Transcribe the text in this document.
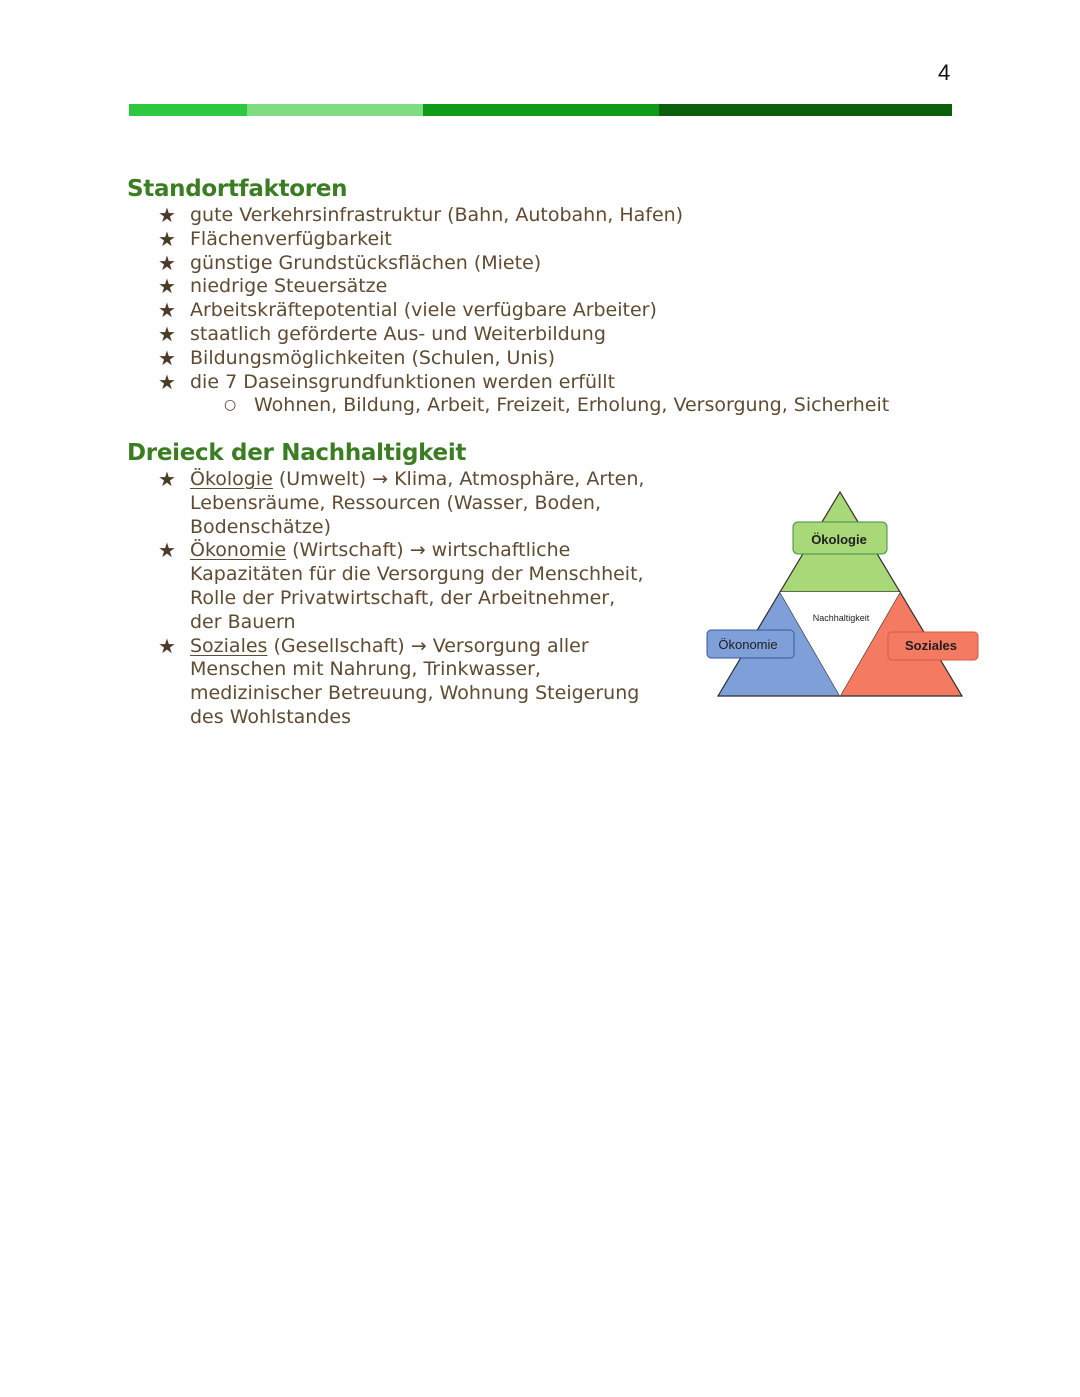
4
Standortfaktoren
★ gute Verkehrsinfrastruktur (Bahn, Autobahn, Hafen)
★ Flächenverfügbarkeit
★ günstige Grundstücksflächen (Miete)
★ niedrige Steuersätze
★ Arbeitskräftepotential (viele verfügbare Arbeiter)
★ staatlich geförderte Aus- und Weiterbildung
★ Bildungsmöglichkeiten (Schulen, Unis)
★ die 7 Daseinsgrundfunktionen werden erfüllt
○ Wohnen, Bildung, Arbeit, Freizeit, Erholung, Versorgung, Sicherheit
Dreieck der Nachhaltigkeit
★ Ökologie (Umwelt) → Klima, Atmosphäre, Arten, Lebensräume, Ressourcen (Wasser, Boden, Bodenschätze)
★ Ökonomie (Wirtschaft) → wirtschaftliche Kapazitäten für die Versorgung der Menschheit, Rolle der Privatwirtschaft, der Arbeitnehmer, der Bauern
★ Soziales (Gesellschaft) → Versorgung aller Menschen mit Nahrung, Trinkwasser, medizinischer Betreuung, Wohnung Steigerung des Wohlstandes
Ökologie
Ökonomie	Soziales
Nachhaltigkeit
